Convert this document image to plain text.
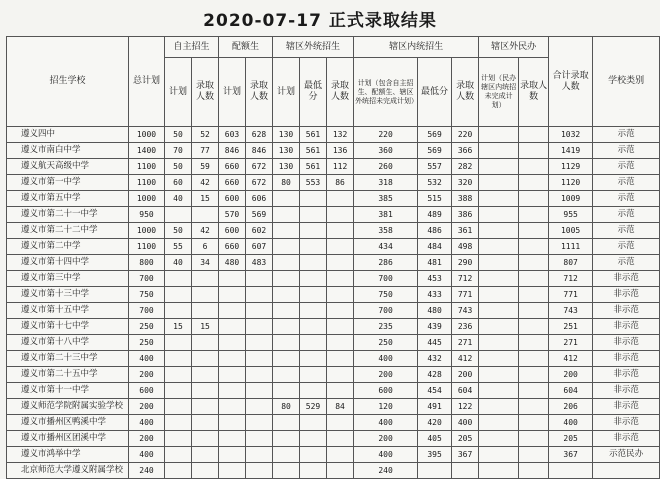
2020-07-17 正式录取结果
招生学校	总计划	自主招生		配额生		辖区外统招生			辖区内统招生			辖区外民办		合计录取人数	学校类别
		计划	录取人数	计划	录取人数	计划	最低分	录取人数	计划（包含自主招生、配额生、辖区外统招未完成计划）	最低分	录取人数	计划（民办辖区内统招未完成计划）	录取人数		
遵义四中	1000	50	52	603	628	130	561	132	220	569	220			1032	示范
遵义市南白中学	1400	70	77	846	846	130	561	136	360	569	366			1419	示范
遵义航天高级中学	1100	50	59	660	672	130	561	112	260	557	282			1129	示范
遵义市第一中学	1100	60	42	660	672	80	553	86	318	532	320			1120	示范
遵义市第五中学	1000	40	15	600	606				385	515	388			1009	示范
遵义市第二十一中学	950			570	569				381	489	386			955	示范
遵义市第二十二中学	1000	50	42	600	602				358	486	361			1005	示范
遵义市第二中学	1100	55	6	660	607				434	484	498			1111	示范
遵义市第十四中学	800	40	34	480	483				286	481	290			807	示范
遵义市第三中学	700								700	453	712			712	非示范
遵义市第十三中学	750								750	433	771			771	非示范
遵义市第十五中学	700								700	480	743			743	非示范
遵义市第十七中学	250	15	15						235	439	236			251	非示范
遵义市第十八中学	250								250	445	271			271	非示范
遵义市第二十三中学	400								400	432	412			412	非示范
遵义市第二十五中学	200								200	428	200			200	非示范
遵义市第十一中学	600								600	454	604			604	非示范
遵义师范学院附属实验学校	200					80	529	84	120	491	122			206	非示范
遵义市播州区鸭溪中学	400								400	420	400			400	非示范
遵义市播州区团溪中学	200								200	405	205			205	非示范
遵义市鸿举中学	400								400	395	367			367	示范民办
北京师范大学遵义附属学校	240								240						
